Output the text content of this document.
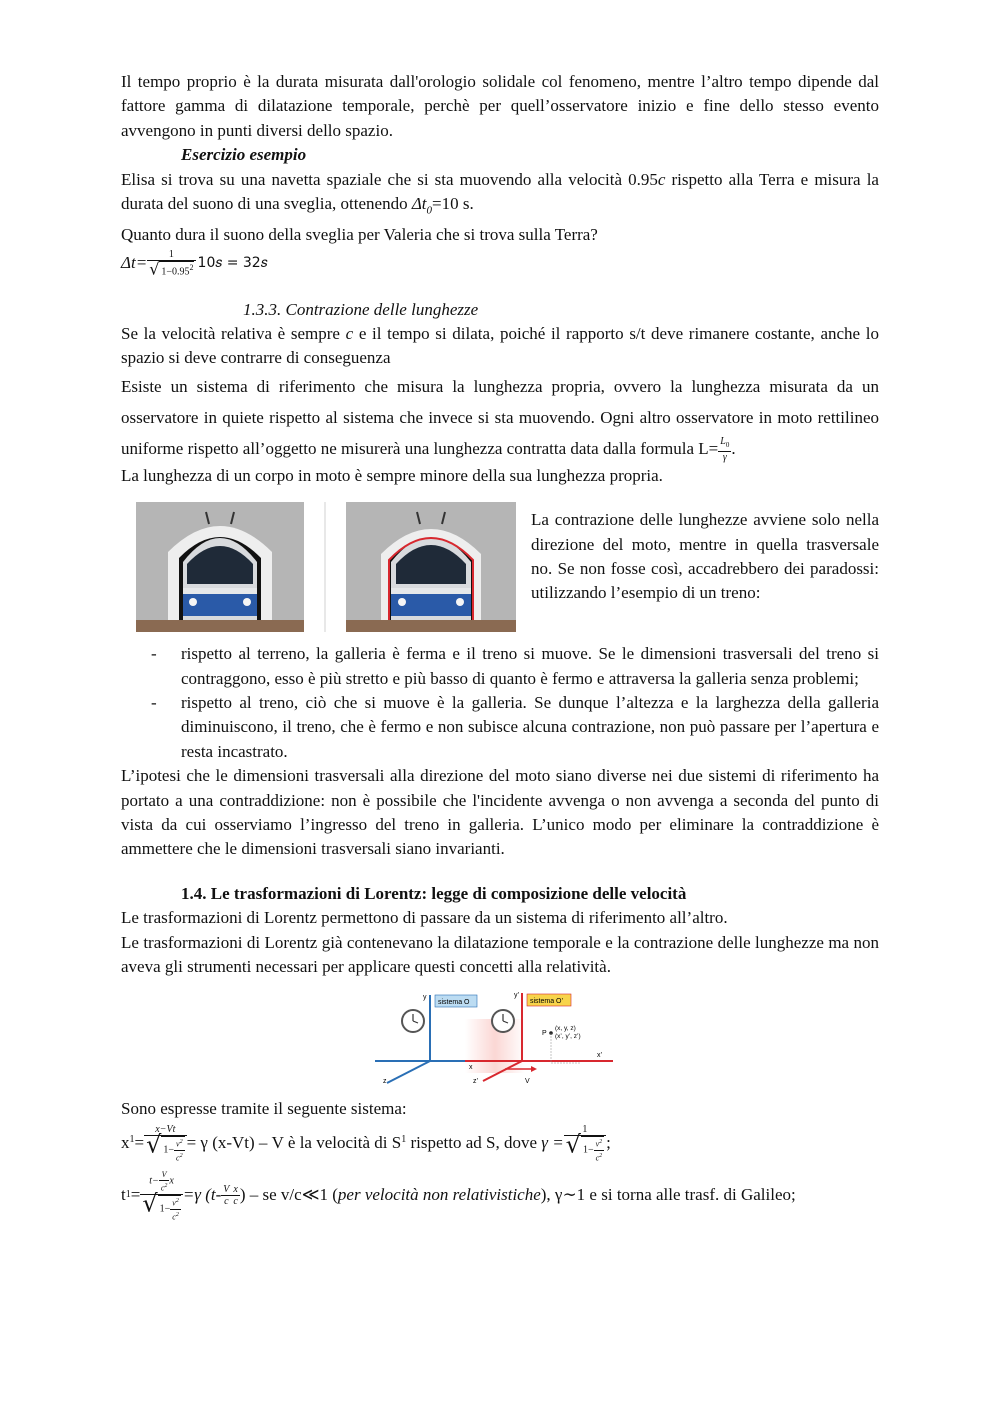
Il tempo proprio è la durata misurata dall'orologio solidale col fenomeno, mentre l’altro tempo dipende dal fattore gamma di dilatazione temporale, perchè per quell’osservatore inizio e fine dello stesso evento avvengono in punti diversi dello spazio.

Esercizio esempio

Elisa si trova su una navetta spaziale che si sta muovendo alla velocità 0.95c rispetto alla Terra e misura la durata del suono di una sveglia, ottenendo $\Delta t_0=10$ s.

Quanto dura il suono della sveglia per Valeria che si trova sulla Terra?

$\Delta t= \frac{1}{√ 1-0.95^2}$ 10𝑠 = 32𝑠

1.3.3. Contrazione delle lunghezze

Se la velocità relativa è sempre c e il tempo si dilata, poiché il rapporto s/t deve rimanere costante, anche lo spazio si deve contrarre di conseguenza

Esiste un sistema di riferimento che misura la lunghezza propria, ovvero la lunghezza misurata da un osservatore in quiete rispetto al sistema che invece si sta muovendo. Ogni altro osservatore in moto rettilineo uniforme rispetto all’oggetto ne misurerà una lunghezza contratta data dalla formula $L= \frac{L_0}{\gamma}$ .

La lunghezza di un corpo in moto è sempre minore della sua lunghezza propria.

La contrazione delle lunghezze avviene solo nella direzione del moto, mentre in quella trasversale no. Se non fosse così, accadrebbero dei paradossi: utilizzando l’esempio di un treno:

- rispetto al terreno, la galleria è ferma e il treno si muove. Se le dimensioni trasversali del treno si contraggono, esso è più stretto e più basso di quanto è fermo e attraversa la galleria senza problemi;
- rispetto al treno, ciò che si muove è la galleria. Se dunque l’altezza e la larghezza della galleria diminuiscono, il treno, che è fermo e non subisce alcuna contrazione, non può passare per l’apertura e resta incastrato.

L’ipotesi che le dimensioni trasversali alla direzione del moto siano diverse nei due sistemi di riferimento ha portato a una contraddizione: non è possibile che l'incidente avvenga o non avvenga a seconda del punto di vista da cui osserviamo l’ingresso del treno in galleria. L’unico modo per eliminare la contraddizione è ammettere che le dimensioni trasversali siano invarianti.

1.4. Le trasformazioni di Lorentz: legge di composizione delle velocità

Le trasformazioni di Lorentz permettono di passare da un sistema di riferimento all’altro.

Le trasformazioni di Lorentz già contenevano la dilatazione temporale e la contrazione delle lunghezze ma non aveva gli strumenti necessari per applicare questi concetti alla relatività.

y
x
z
sistema O
y’
x’
z’
sistema O’
P
(x, y, z)
(x’, y’, z’)
V

Sono espresse tramite il seguente sistema:

$x^1 = \frac{x-Vt}{√ 1- \frac{v^2}{c^2}} = \gamma$ (x-Vt) – V è la velocità di $S^1$ rispetto ad S, dove $\gamma = \frac{1}{√ 1- \frac{v^2}{c^2}}$ ;
t $1 = \frac{t- \frac{V}{c^2} x}{√ 1- \frac{v^2}{c^2}} =\gamma$ ($t- \frac{V}{c} \frac{x}{c}$ ) – se v/c≪1 ( per velocità non relativistiche ), γ∼1 e si torna alle trasf. di Galileo;
